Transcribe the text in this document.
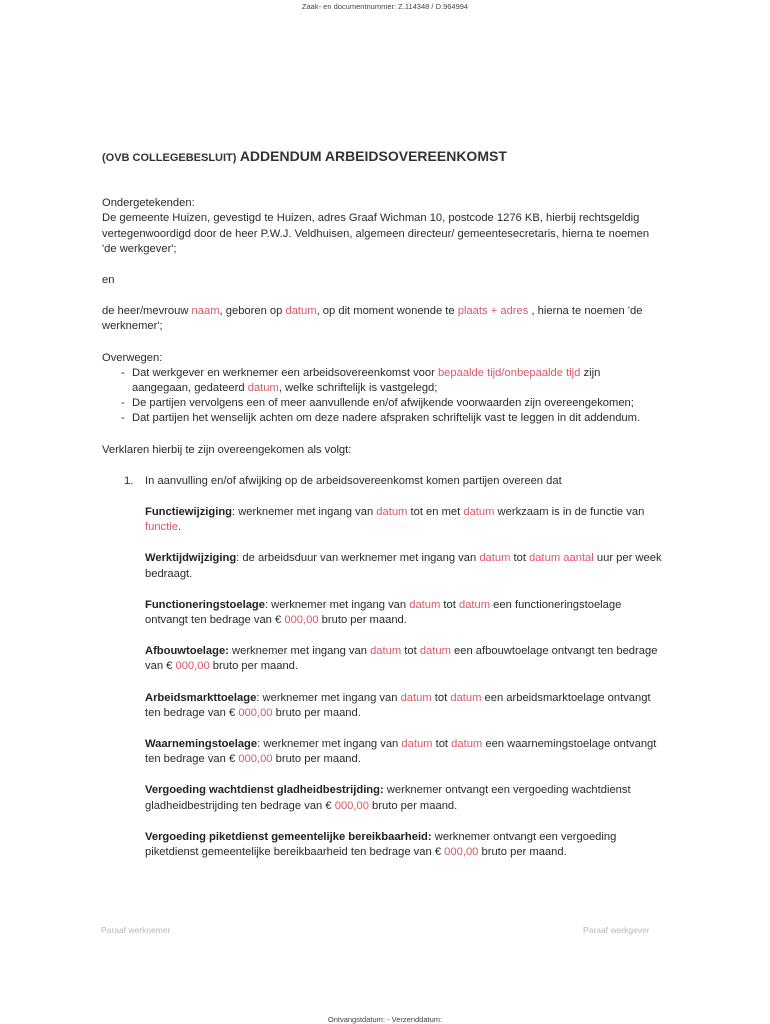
Zaak- en documentnummer: Z.114348 / D.964994
(OVB COLLEGEBESLUIT) ADDENDUM ARBEIDSOVEREENKOMST

Ondergetekenden:

De gemeente Huizen, gevestigd te Huizen, adres Graaf Wichman 10, postcode 1276 KB, hierbij rechtsgeldig vertegenwoordigd door de heer P.W.J. Veldhuisen, algemeen directeur/ gemeentesecretaris, hierna te noemen 'de werkgever';

en

de heer/mevrouw naam, geboren op datum, op dit moment wonende te plaats + adres , hierna te noemen 'de werknemer';

Overwegen:

- Dat werkgever en werknemer een arbeidsovereenkomst voor bepaalde tijd/onbepaalde tijd zijn aangegaan, gedateerd datum, welke schriftelijk is vastgelegd;
- De partijen vervolgens een of meer aanvullende en/of afwijkende voorwaarden zijn overeengekomen;
- Dat partijen het wenselijk achten om deze nadere afspraken schriftelijk vast te leggen in dit addendum.

Verklaren hierbij te zijn overeengekomen als volgt:

1. In aanvulling en/of afwijking op de arbeidsovereenkomst komen partijen overeen dat

Functiewijziging: werknemer met ingang van datum tot en met datum werkzaam is in de functie van functie.

Werktijdwijziging: de arbeidsduur van werknemer met ingang van datum tot datum aantal uur per week bedraagt.

Functioneringstoelage: werknemer met ingang van datum tot datum een functioneringstoelage ontvangt ten bedrage van € 000,00 bruto per maand.

Afbouwtoelage: werknemer met ingang van datum tot datum een afbouwtoelage ontvangt ten bedrage van € 000,00 bruto per maand.

Arbeidsmarkttoelage: werknemer met ingang van datum tot datum een arbeidsmarktoelage ontvangt ten bedrage van € 000,00 bruto per maand.

Waarnemingstoelage: werknemer met ingang van datum tot datum een waarnemingstoelage ontvangt ten bedrage van € 000,00 bruto per maand.

Vergoeding wachtdienst gladheidbestrijding: werknemer ontvangt een vergoeding wachtdienst gladheidbestrijding ten bedrage van € 000,00 bruto per maand.

Vergoeding piketdienst gemeentelijke bereikbaarheid: werknemer ontvangt een vergoeding piketdienst gemeentelijke bereikbaarheid ten bedrage van € 000,00 bruto per maand.

Paraaf werknemer	Paraaf werkgever
Ontvangstdatum: - Verzenddatum:
